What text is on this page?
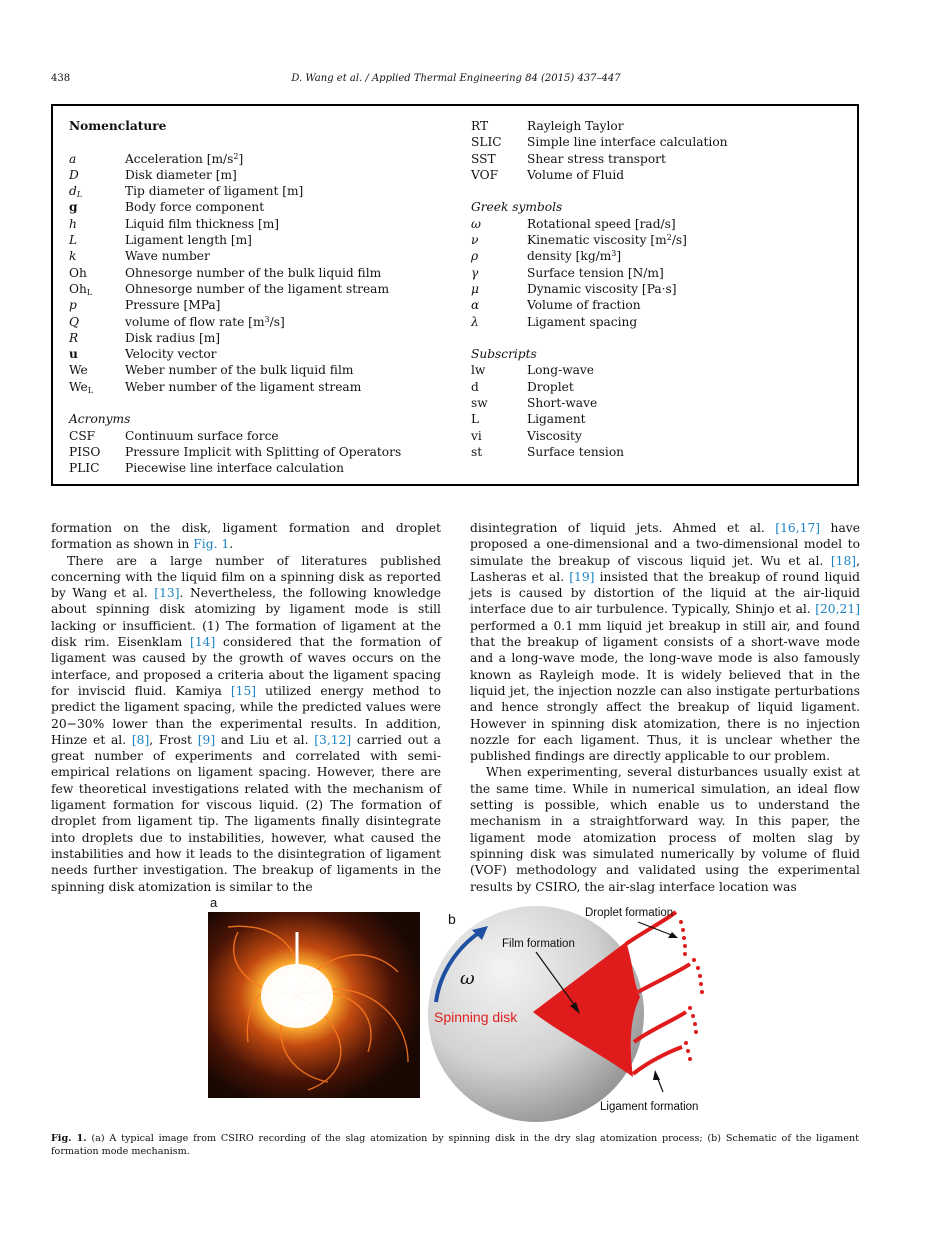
438	D. Wang et al. / Applied Thermal Engineering 84 (2015) 437–447
Nomenclature
a	Acceleration $[m/s^2]$
D	Disk diameter [m]
$d_L$	Tip diameter of ligament [m]
g	Body force component
h	Liquid film thickness [m]
L	Ligament length [m]
k	Wave number
Oh	Ohnesorge number of the bulk liquid film
$Oh_L$	Ohnesorge number of the ligament stream
p	Pressure [MPa]
Q	volume of flow rate $[m^3/s]$
R	Disk radius [m]
u	Velocity vector
We	Weber number of the bulk liquid film
$We_L$	Weber number of the ligament stream
Acronyms
CSF	Continuum surface force
PISO	Pressure Implicit with Splitting of Operators
PLIC	Piecewise line interface calculation
RT	Rayleigh Taylor
SLIC	Simple line interface calculation
SST	Shear stress transport
VOF	Volume of Fluid
Greek symbols
ω	Rotational speed [rad/s]
ν	Kinematic viscosity $[m^2/s]$
ρ	density $[kg/m^3]$
γ	Surface tension [N/m]
μ	Dynamic viscosity [Pa·s]
α	Volume of fraction
λ	Ligament spacing
Subscripts
lw	Long-wave
d	Droplet
sw	Short-wave
L	Ligament
vi	Viscosity
st	Surface tension

formation on the disk, ligament formation and droplet formation as shown in Fig. 1.

There are a large number of literatures published concerning with the liquid film on a spinning disk as reported by Wang et al. [13]. Nevertheless, the following knowledge about spinning disk atomizing by ligament mode is still lacking or insufficient. (1) The formation of ligament at the disk rim. Eisenklam [14] considered that the formation of ligament was caused by the growth of waves occurs on the interface, and proposed a criteria about the ligament spacing for inviscid fluid. Kamiya [15] utilized energy method to predict the ligament spacing, while the predicted values were 20−30% lower than the experimental results. In addition, Hinze et al. [8], Frost [9] and Liu et al. [3,12] carried out a great number of experiments and correlated with semi-empirical relations on ligament spacing. However, there are few theoretical investigations related with the mechanism of ligament formation for viscous liquid. (2) The formation of droplet from ligament tip. The ligaments finally disintegrate into droplets due to instabilities, however, what caused the instabilities and how it leads to the disintegration of ligament needs further investigation. The breakup of ligaments in the spinning disk atomization is similar to the

disintegration of liquid jets. Ahmed et al. [16,17] have proposed a one-dimensional and a two-dimensional model to simulate the breakup of viscous liquid jet. Wu et al. [18], Lasheras et al. [19] insisted that the breakup of round liquid jets is caused by distortion of the liquid at the air-liquid interface due to air turbulence. Typically, Shinjo et al. [20,21] performed a 0.1 mm liquid jet breakup in still air, and found that the breakup of ligament consists of a short-wave mode and a long-wave mode, the long-wave mode is also famously known as Rayleigh mode. It is widely believed that in the liquid jet, the injection nozzle can also instigate perturbations and hence strongly affect the breakup of liquid ligament. However in spinning disk atomization, there is no injection nozzle for each ligament. Thus, it is unclear whether the published findings are directly applicable to our problem.

When experimenting, several disturbances usually exist at the same time. While in numerical simulation, an ideal flow setting is possible, which enable us to understand the mechanism in a straightforward way. In this paper, the ligament mode atomization process of molten slag by spinning disk was simulated numerically by volume of fluid (VOF) methodology and validated using the experimental results by CSIRO, the air-slag interface location was

a
b	Droplet formation
Film formation
ω
Spinning disk
Ligament formation
Fig. 1. (a) A typical image from CSIRO recording of the slag atomization by spinning disk in the dry slag atomization process; (b) Schematic of the ligament formation mode mechanism.
